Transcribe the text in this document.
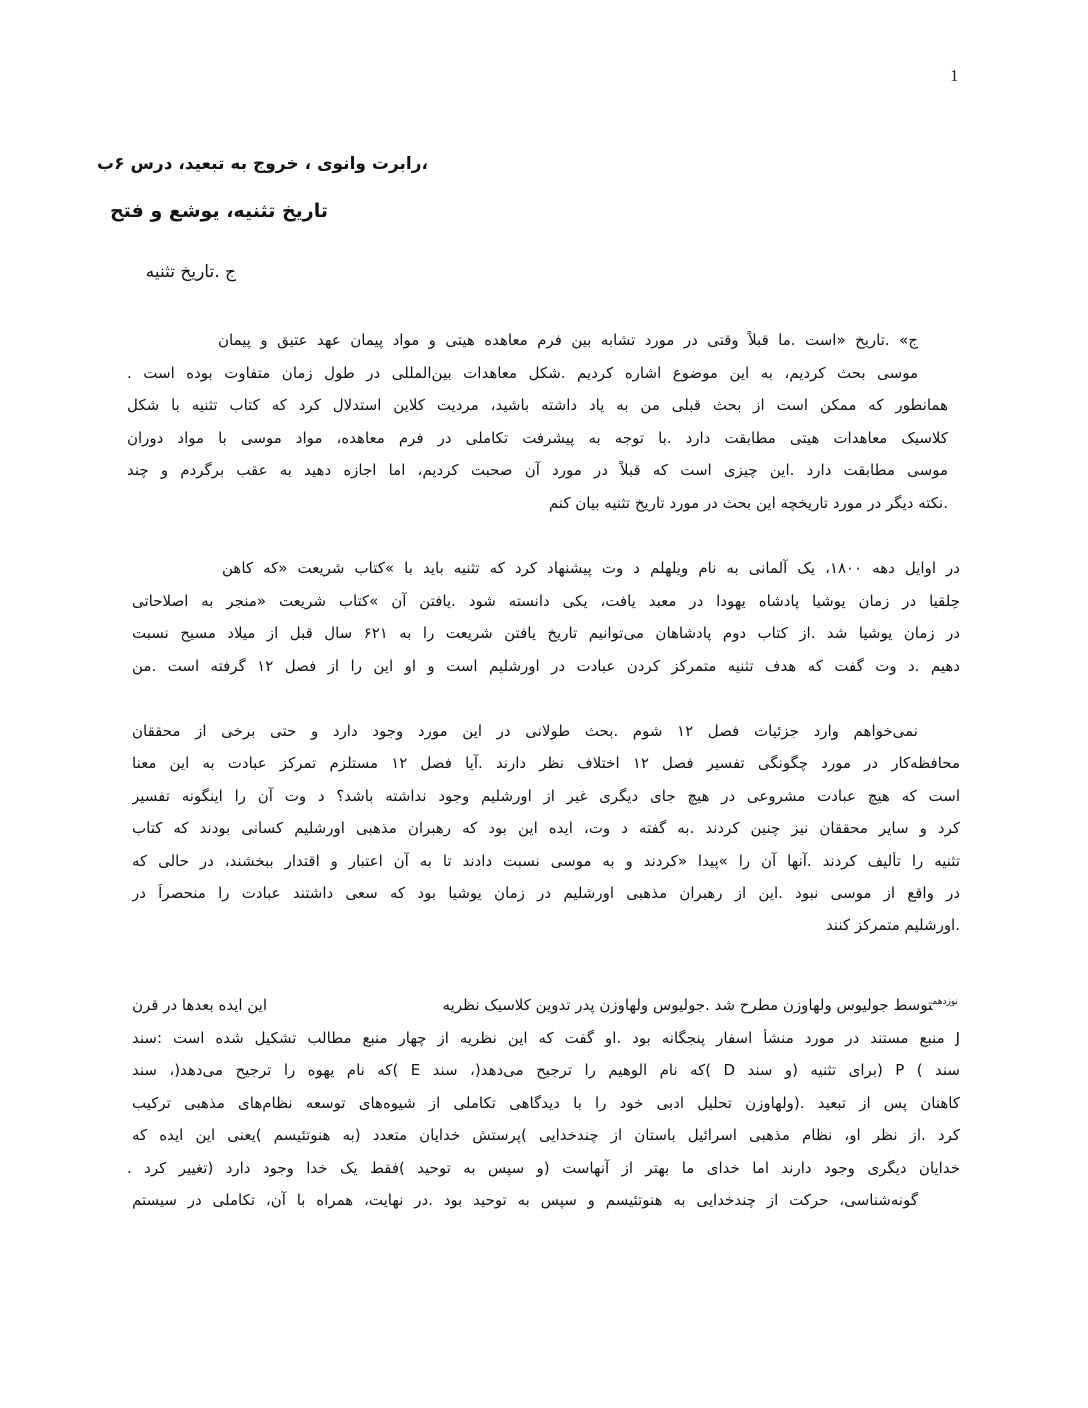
1
،رابرت وانوی ، خروج به تبعید، درس ۶ب
تاریخ تثنیه، یوشع و فتح
ج .تاریخ تثنیه
ج» .تاریخ «است .ما قبلاً وقتی در مورد تشابه بین فرم معاهده هیتی و مواد پیمان عهد عتیق و پیمان
موسی بحث کردیم، به این موضوع اشاره کردیم .شکل معاهدات بین‌المللی در طول زمان متفاوت بوده است .
همانطور که ممکن است از بحث قبلی من به یاد داشته باشید، مردیت کلاین استدلال کرد که کتاب تثنیه با شکل
کلاسیک معاهدات هیتی مطابقت دارد .با توجه به پیشرفت تکاملی در فرم معاهده، مواد موسی با مواد دوران
موسی مطابقت دارد .این چیزی است که قبلاً در مورد آن صحبت کردیم، اما اجازه دهید به عقب برگردم و چند
.نکته دیگر در مورد تاریخچه این بحث در مورد تاریخ تثنیه بیان کنم
در اوایل دهه ۱۸۰۰، یک آلمانی به نام ویلهلم د وت پیشنهاد کرد که تثنیه باید با »کتاب شریعت «که کاهن
حِلقیا در زمان یوشیا پادشاه یهودا در معبد یافت، یکی دانسته شود .یافتن آن »کتاب شریعت «منجر به اصلاحاتی
در زمان یوشیا شد .از کتاب دوم پادشاهان می‌توانیم تاریخ یافتن شریعت را به ۶۲۱ سال قبل از میلاد مسیح نسبت
دهیم .د وت گفت که هدف تثنیه متمرکز کردن عبادت در اورشلیم است و او این را از فصل ۱۲ گرفته است .من
نمی‌خواهم وارد جزئیات فصل ۱۲ شوم .بحث طولانی در این مورد وجود دارد و حتی برخی از محققان
محافظه‌کار در مورد چگونگی تفسیر فصل ۱۲ اختلاف نظر دارند .آیا فصل ۱۲ مستلزم تمرکز عبادت به این معنا
است که هیچ عبادت مشروعی در هیچ جای دیگری غیر از اورشلیم وجود نداشته باشد؟ د وت آن را اینگونه تفسیر
کرد و سایر محققان نیز چنین کردند .به گفته د وت، ایده این بود که رهبران مذهبی اورشلیم کسانی بودند که کتاب
تثنیه را تألیف کردند .آنها آن را »پیدا «کردند و به موسی نسبت دادند تا به آن اعتبار و اقتدار ببخشند، در حالی که
در واقع از موسی نبود .این از رهبران مذهبی اورشلیم در زمان یوشیا بود که سعی داشتند عبادت را منحصراً در
.اورشلیم متمرکز کنند
$^{نوزدهم}$توسط جولیوس ولهاوزن مطرح شد .جولیوس ولهاوزن پدر تدوین کلاسیک نظریه
این ایده بعدها در قرن
J منبع مستند در مورد منشأ اسفار پنجگانه بود .او گفت که این نظریه از چهار منبع مطالب تشکیل شده است :سند
سند ) P (برای تثنیه (و سند D )که نام الوهیم را ترجیح می‌دهد(، سند E )که نام یهوه را ترجیح می‌دهد(، سند
کاهنان پس از تبعید .(ولهاوزن تحلیل ادبی خود را با دیدگاهی تکاملی از شیوه‌های توسعه نظام‌های مذهبی ترکیب
کرد .از نظر او، نظام مذهبی اسرائیل باستان از چندخدایی )پرستش خدایان متعدد (به هنوتئیسم )یعنی این ایده که
خدایان دیگری وجود دارند اما خدای ما بهتر از آنهاست (و سپس به توحید )فقط یک خدا وجود دارد (تغییر کرد .
گونه‌شناسی، حرکت از چندخدایی به هنوتئیسم و سپس به توحید بود .در نهایت، همراه با آن، تکاملی در سیستم
